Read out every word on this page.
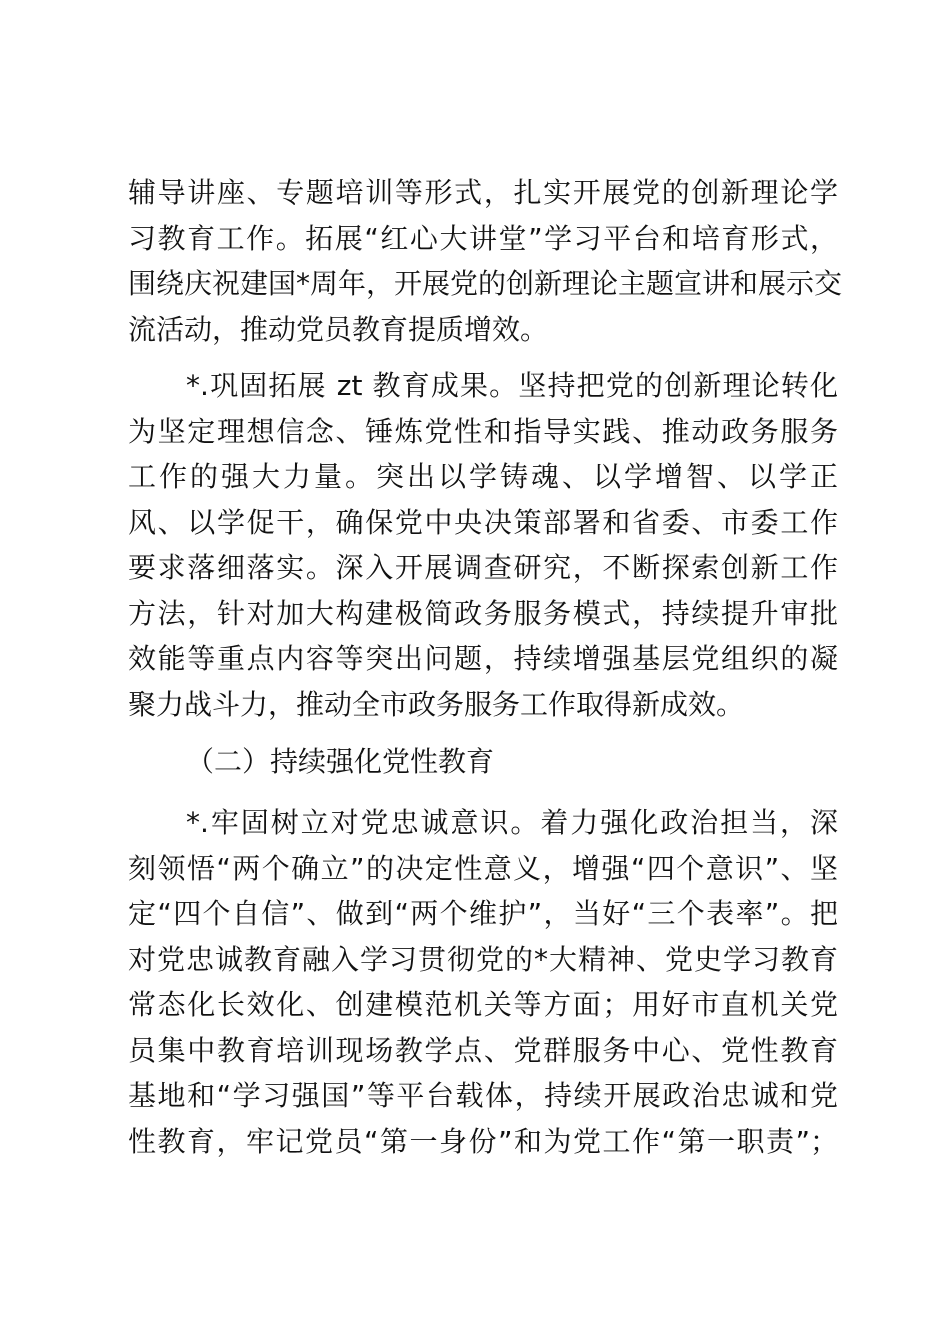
辅导讲座、专题培训等形式，扎实开展党的创新理论学
习教育工作。拓展“红心大讲堂”学习平台和培育形式，
围绕庆祝建国*周年，开展党的创新理论主题宣讲和展示交
流活动，推动党员教育提质增效。
*.巩固拓展 zt 教育成果。坚持把党的创新理论转化
为坚定理想信念、锤炼党性和指导实践、推动政务服务
工作的强大力量。突出以学铸魂、以学增智、以学正
风、以学促干，确保党中央决策部署和省委、市委工作
要求落细落实。深入开展调查研究，不断探索创新工作
方法，针对加大构建极简政务服务模式，持续提升审批
效能等重点内容等突出问题，持续增强基层党组织的凝
聚力战斗力，推动全市政务服务工作取得新成效。
（二）持续强化党性教育
*.牢固树立对党忠诚意识。着力强化政治担当，深
刻领悟“两个确立”的决定性意义，增强“四个意识”、坚
定“四个自信”、做到“两个维护”，当好“三个表率”。把
对党忠诚教育融入学习贯彻党的*大精神、党史学习教育
常态化长效化、创建模范机关等方面；用好市直机关党
员集中教育培训现场教学点、党群服务中心、党性教育
基地和“学习强国”等平台载体，持续开展政治忠诚和党
性教育，牢记党员“第一身份”和为党工作“第一职责”；
